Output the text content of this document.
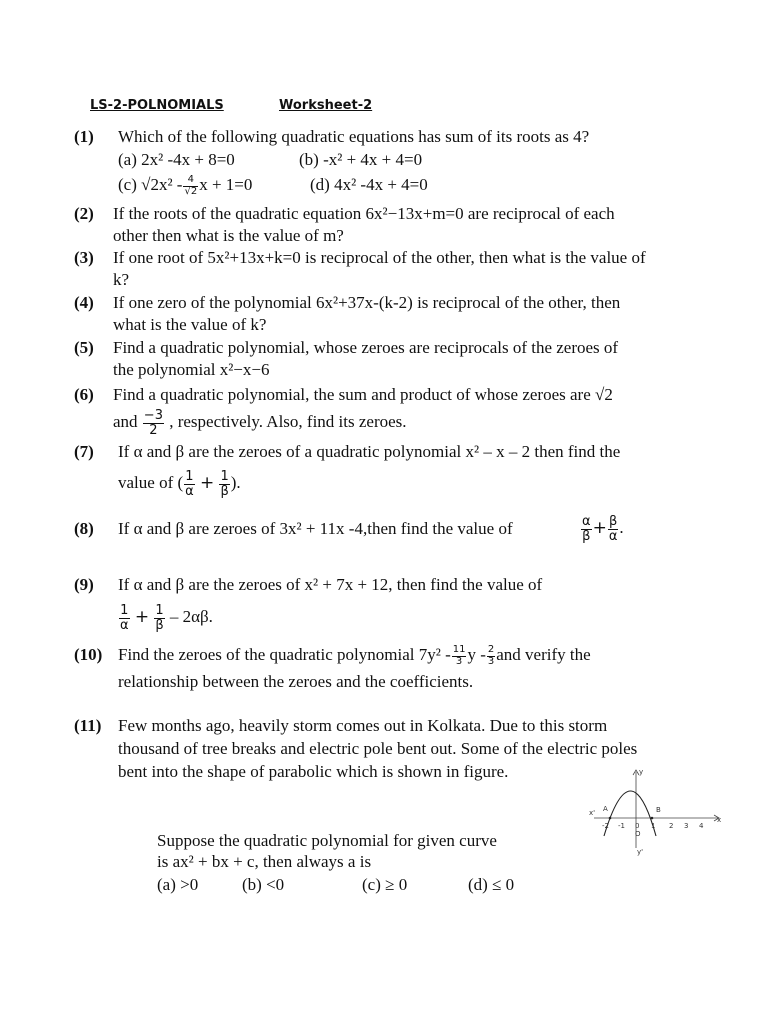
LS-2-POLNOMIALS	Worksheet-2
(1) Which of the following quadratic equations has sum of its roots as 4?
(a) 2x² -4x + 8=0	(b) -x² + 4x + 4=0
(c) $√2x^2 - \frac{4}{√2}$ x + 1=0	(d) 4x² -4x + 4=0
(2) If the roots of the quadratic equation 6x²−13x+m=0 are reciprocal of each
other then what is the value of m?
(3) If one root of 5x²+13x+k=0 is reciprocal of the other, then what is the value of
k?
(4) If one zero of the polynomial 6x²+37x-(k-2) is reciprocal of the other, then
what is the value of k?
(5) Find a quadratic polynomial, whose zeroes are reciprocals of the zeroes of
the polynomial x²−x−6
(6) Find a quadratic polynomial, the sum and product of whose zeroes are √2
and $\frac{-3}{2}$ , respectively. Also, find its zeroes.
(7) If α and β are the zeroes of a quadratic polynomial x² – x – 2 then find the
value of ( $\frac{1}{\alpha} + \frac{1}{\beta}$ ).
(8) If α and β are zeroes of 3x² + 11x -4,then find the value of	$\frac{\alpha}{\beta} + \frac{\beta}{\alpha}$ .
(9) If α and β are the zeroes of x² + 7x + 12, then find the value of
$\frac{1}{\alpha} + \frac{1}{\beta} - 2\alpha\beta$.
(10) Find the zeroes of the quadratic polynomial $7y^2 - \frac{11}{3}$ y - $\frac{2}{3}$ and verify the
relationship between the zeroes and the coefficients.
(11) Few months ago, heavily storm comes out in Kolkata. Due to this storm
thousand of tree breaks and electric pole bent out. Some of the electric poles
bent into the shape of parabolic which is shown in figure.
Suppose the quadratic polynomial for given curve
is ax² + bx + c, then always a is
(a) >0	(b) <0	(c) ≥ 0	(d) ≤ 0
y
y'
x
x' A	B
O
-2 -1 0 1 2 3 4
